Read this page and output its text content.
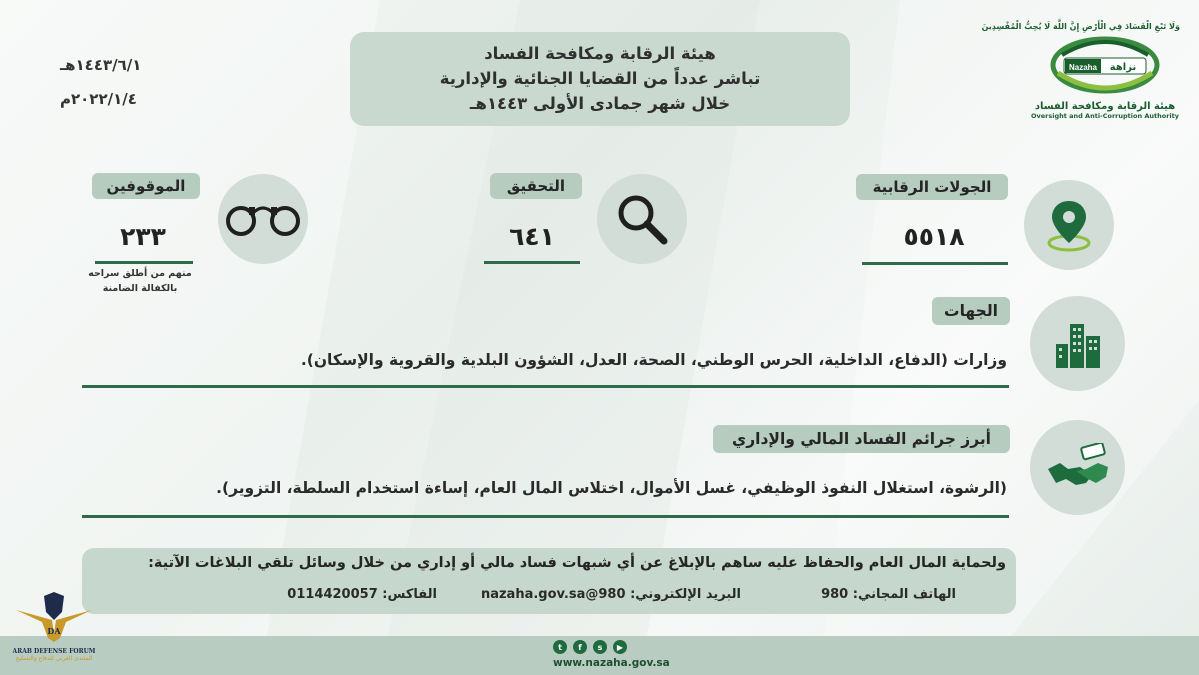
وَلَا تَبْغِ الْفَسَادَ فِي الْأَرْضِ إِنَّ اللَّهَ لَا يُحِبُّ الْمُفْسِدِينَ
Nazaha نزاهة
هيئة الرقابة ومكافحة الفساد
Oversight and Anti-Corruption Authority
هيئة الرقابة ومكافحة الفساد
تباشر عدداً من القضايا الجنائية والإدارية
خلال شهر جمادى الأولى ١٤٤٣هـ
١٤٤٣/٦/١هـ
٢٠٢٢/١/٤م
الجولات الرقابية
٥٥١٨
التحقيق
٦٤١
الموقوفين
٢٣٣
منهم من أطلق سراحه
بالكفالة الضامنة
الجهات
وزارات (الدفاع، الداخلية، الحرس الوطني، الصحة، العدل، الشؤون البلدية والقروية والإسكان).
أبرز جرائم الفساد المالي والإداري
(الرشوة، استغلال النفوذ الوظيفي، غسل الأموال، اختلاس المال العام، إساءة استخدام السلطة، التزوير).
ولحماية المال العام والحفاظ عليه ساهم بالإبلاغ عن أي شبهات فساد مالي أو إداري من خلال وسائل تلقي البلاغات الآتية:
الهاتف المجاني: 980
البريد الإلكتروني: 980@nazaha.gov.sa
الفاكس: 0114420057
t	f	s	▶
www.nazaha.gov.sa
DA
ARAB DEFENSE FORUM
المنتدى العربي للدفاع والتسليح
